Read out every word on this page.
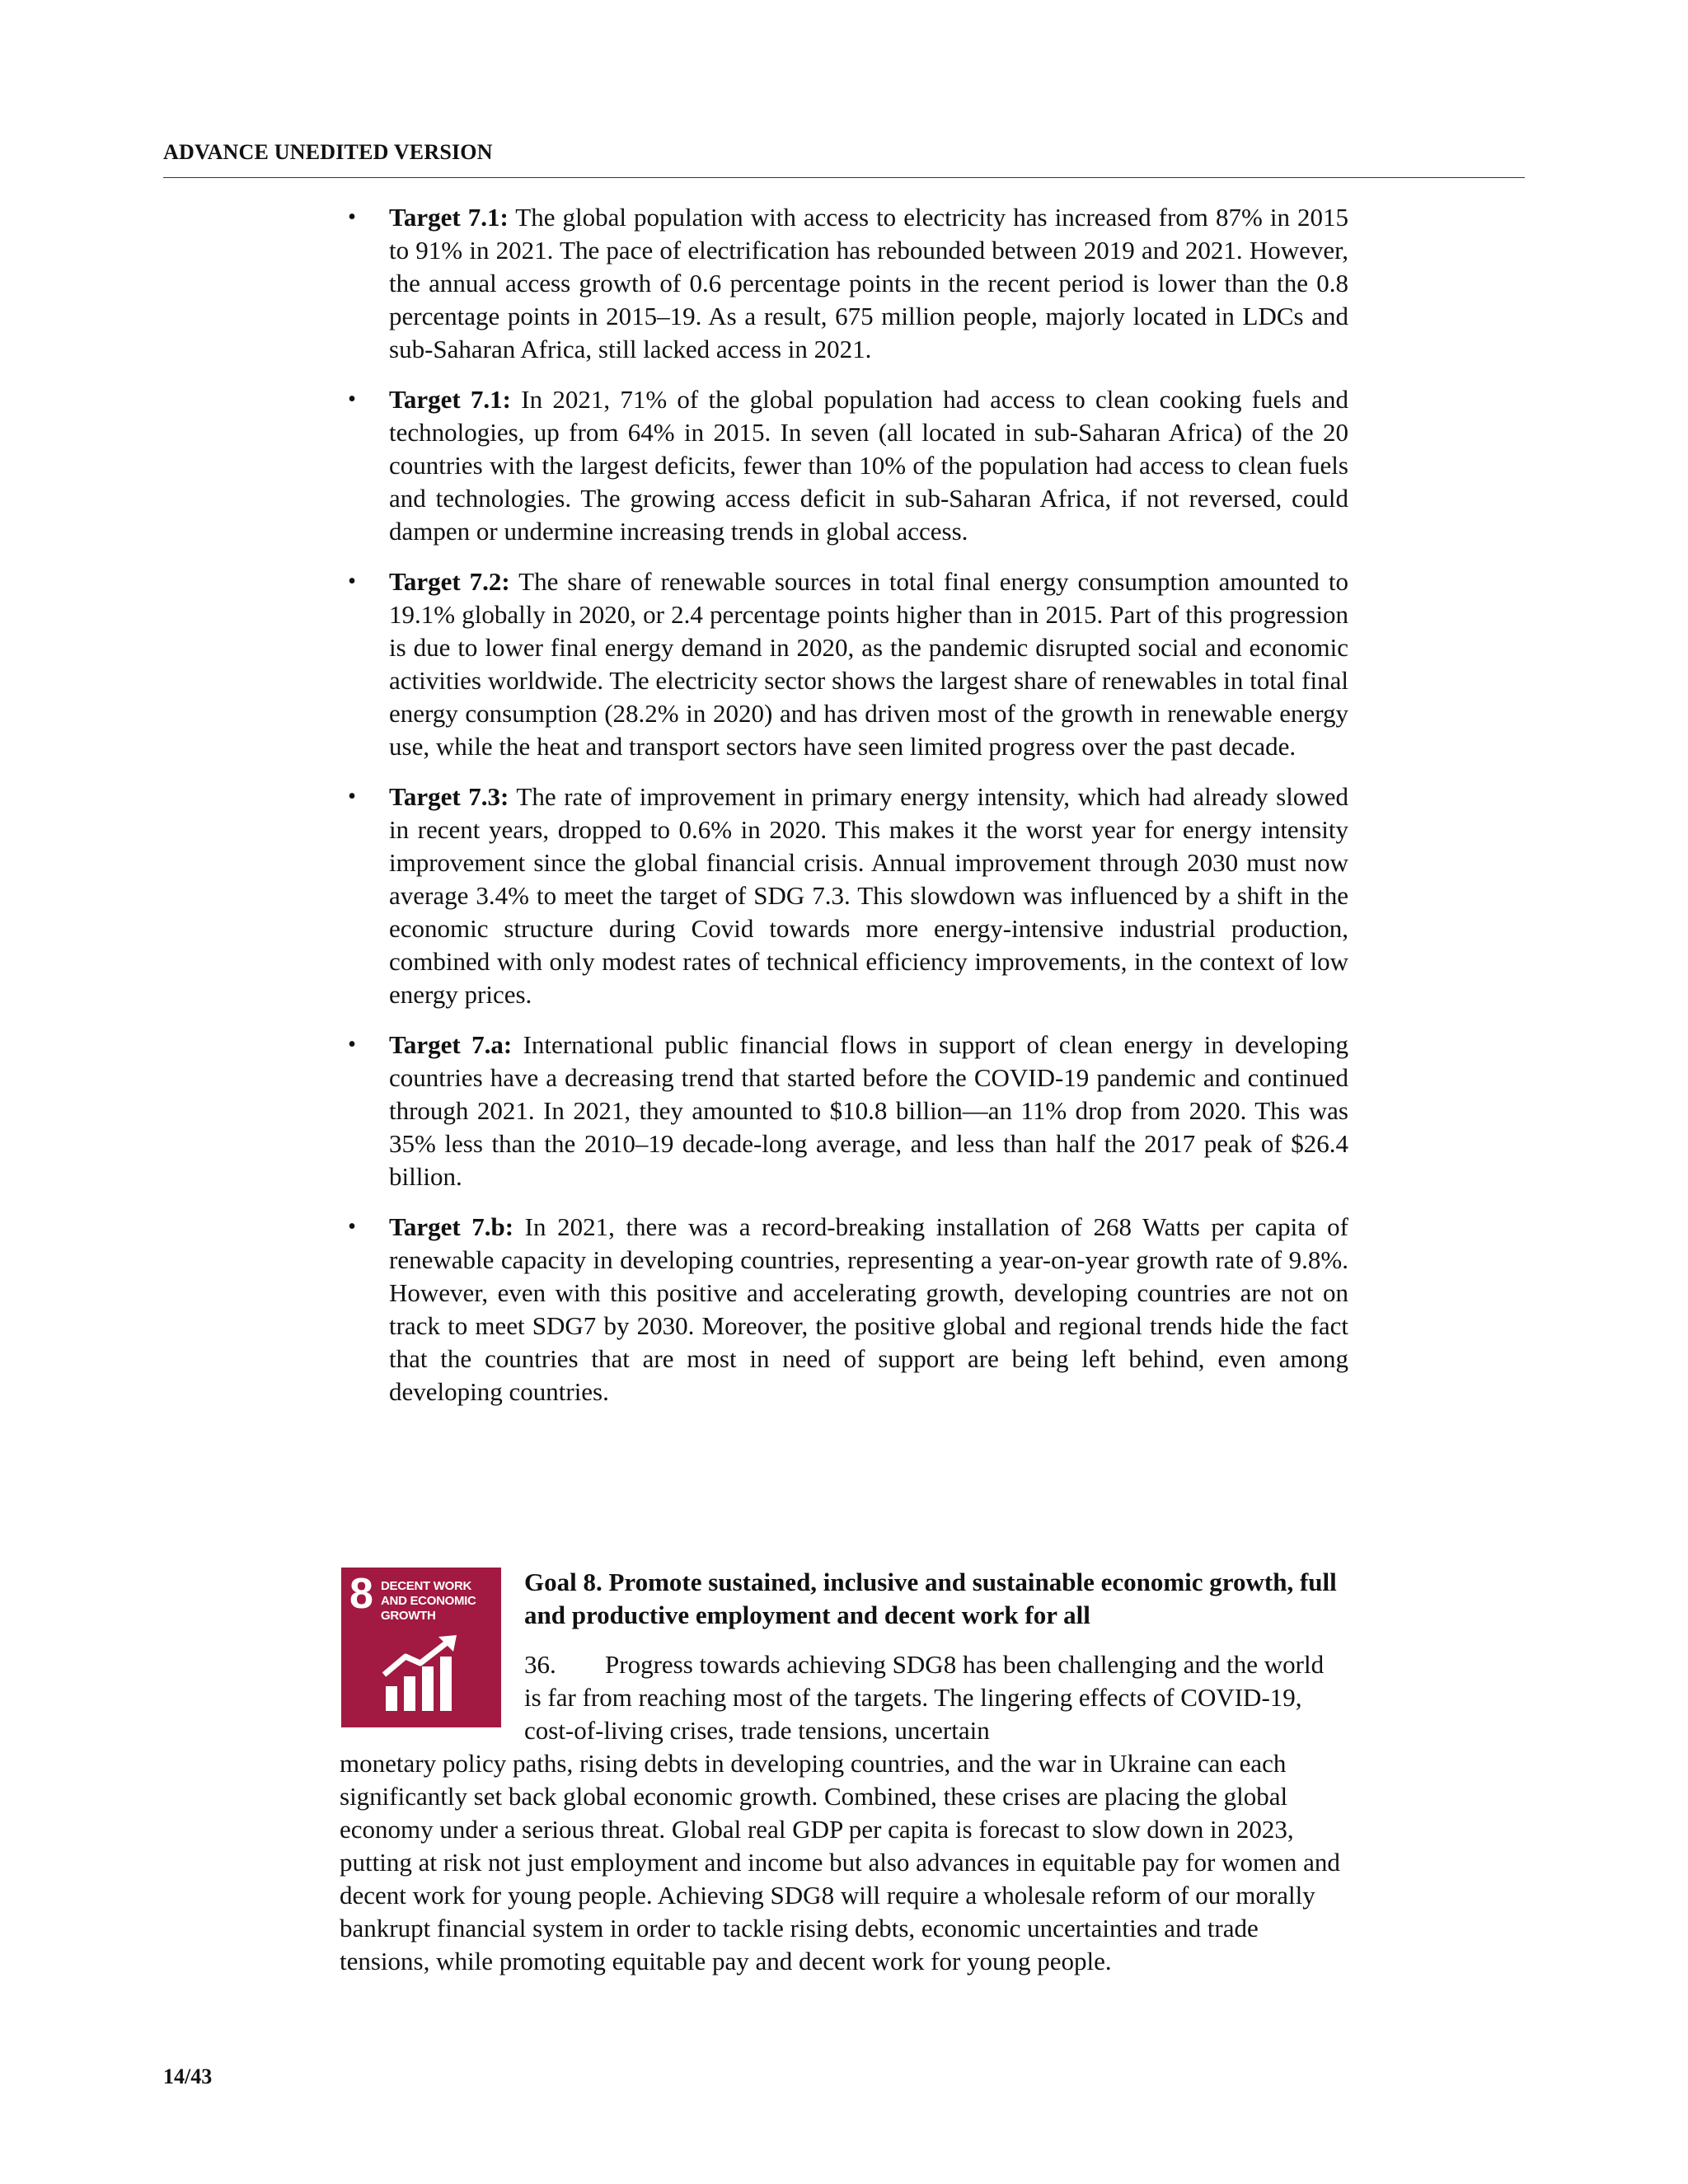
ADVANCE UNEDITED VERSION
•	Target 7.1: The global population with access to electricity has increased from 87% in 2015 to 91% in 2021. The pace of electrification has rebounded between 2019 and 2021. However, the annual access growth of 0.6 percentage points in the recent period is lower than the 0.8 percentage points in 2015–19. As a result, 675 million people, majorly located in LDCs and sub-Saharan Africa, still lacked access in 2021.
•	Target 7.1: In 2021, 71% of the global population had access to clean cooking fuels and technologies, up from 64% in 2015. In seven (all located in sub-Saharan Africa) of the 20 countries with the largest deficits, fewer than 10% of the population had access to clean fuels and technologies. The growing access deficit in sub-Saharan Africa, if not reversed, could dampen or undermine increasing trends in global access.
•	Target 7.2: The share of renewable sources in total final energy consumption amounted to 19.1% globally in 2020, or 2.4 percentage points higher than in 2015. Part of this progression is due to lower final energy demand in 2020, as the pandemic disrupted social and economic activities worldwide. The electricity sector shows the largest share of renewables in total final energy consumption (28.2% in 2020) and has driven most of the growth in renewable energy use, while the heat and transport sectors have seen limited progress over the past decade.
•	Target 7.3: The rate of improvement in primary energy intensity, which had already slowed in recent years, dropped to 0.6% in 2020. This makes it the worst year for energy intensity improvement since the global financial crisis. Annual improvement through 2030 must now average 3.4% to meet the target of SDG 7.3. This slowdown was influenced by a shift in the economic structure during Covid towards more energy-intensive industrial production, combined with only modest rates of technical efficiency improvements, in the context of low energy prices.
•	Target 7.a: International public financial flows in support of clean energy in developing countries have a decreasing trend that started before the COVID-19 pandemic and continued through 2021. In 2021, they amounted to $10.8 billion—an 11% drop from 2020. This was 35% less than the 2010–19 decade-long average, and less than half the 2017 peak of $26.4 billion.
•	Target 7.b: In 2021, there was a record-breaking installation of 268 Watts per capita of renewable capacity in developing countries, representing a year-on-year growth rate of 9.8%. However, even with this positive and accelerating growth, developing countries are not on track to meet SDG7 by 2030. Moreover, the positive global and regional trends hide the fact that the countries that are most in need of support are being left behind, even among developing countries.
8 DECENT WORK AND ECONOMIC GROWTH
Goal 8. Promote sustained, inclusive and sustainable economic growth, full and productive employment and decent work for all
36. Progress towards achieving SDG8 has been challenging and the world is far from reaching most of the targets. The lingering effects of COVID-19, cost-of-living crises, trade tensions, uncertain
monetary policy paths, rising debts in developing countries, and the war in Ukraine can each significantly set back global economic growth. Combined, these crises are placing the global economy under a serious threat. Global real GDP per capita is forecast to slow down in 2023, putting at risk not just employment and income but also advances in equitable pay for women and decent work for young people. Achieving SDG8 will require a wholesale reform of our morally bankrupt financial system in order to tackle rising debts, economic uncertainties and trade tensions, while promoting equitable pay and decent work for young people.
14/43
